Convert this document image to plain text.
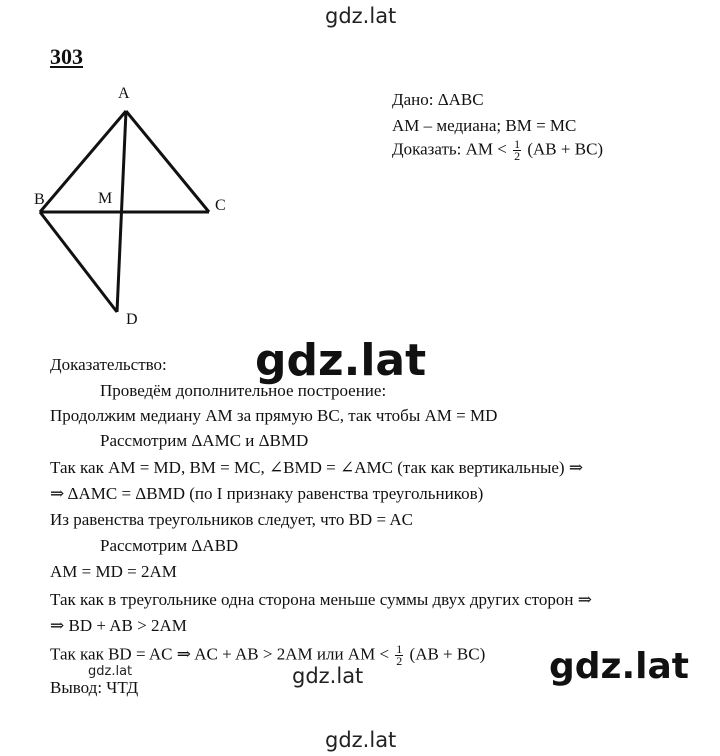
gdz.lat
303
A
B	M	C
D
Дано: ΔABC
AM – медиана; BM = MC
Доказать: AM < $\frac{1}{2} (AB + BC)$
gdz.lat
Доказательство:
Проведём дополнительное построение:
Продолжим медиану AM за прямую BC, так чтобы AM = MD
Рассмотрим ΔAMC и ΔBMD
Так как AM = MD, BM = MC, ∠BMD = ∠AMC (так как вертикальные) ⇒
⇒ ΔAMC = ΔBMD (по I признаку равенства треугольников)
Из равенства треугольников следует, что BD = AC
Рассмотрим ΔABD
AM = MD = 2AM
Так как в треугольнике одна сторона меньше суммы двух других сторон ⇒
⇒ BD + AB > 2AM
Так как BD = AC ⇒ AC + AB > 2AM или AM < $\frac{1}{2} (AB + BC)$
Вывод: ЧТД
gdz.lat	gdz.lat	gdz.lat
gdz.lat
